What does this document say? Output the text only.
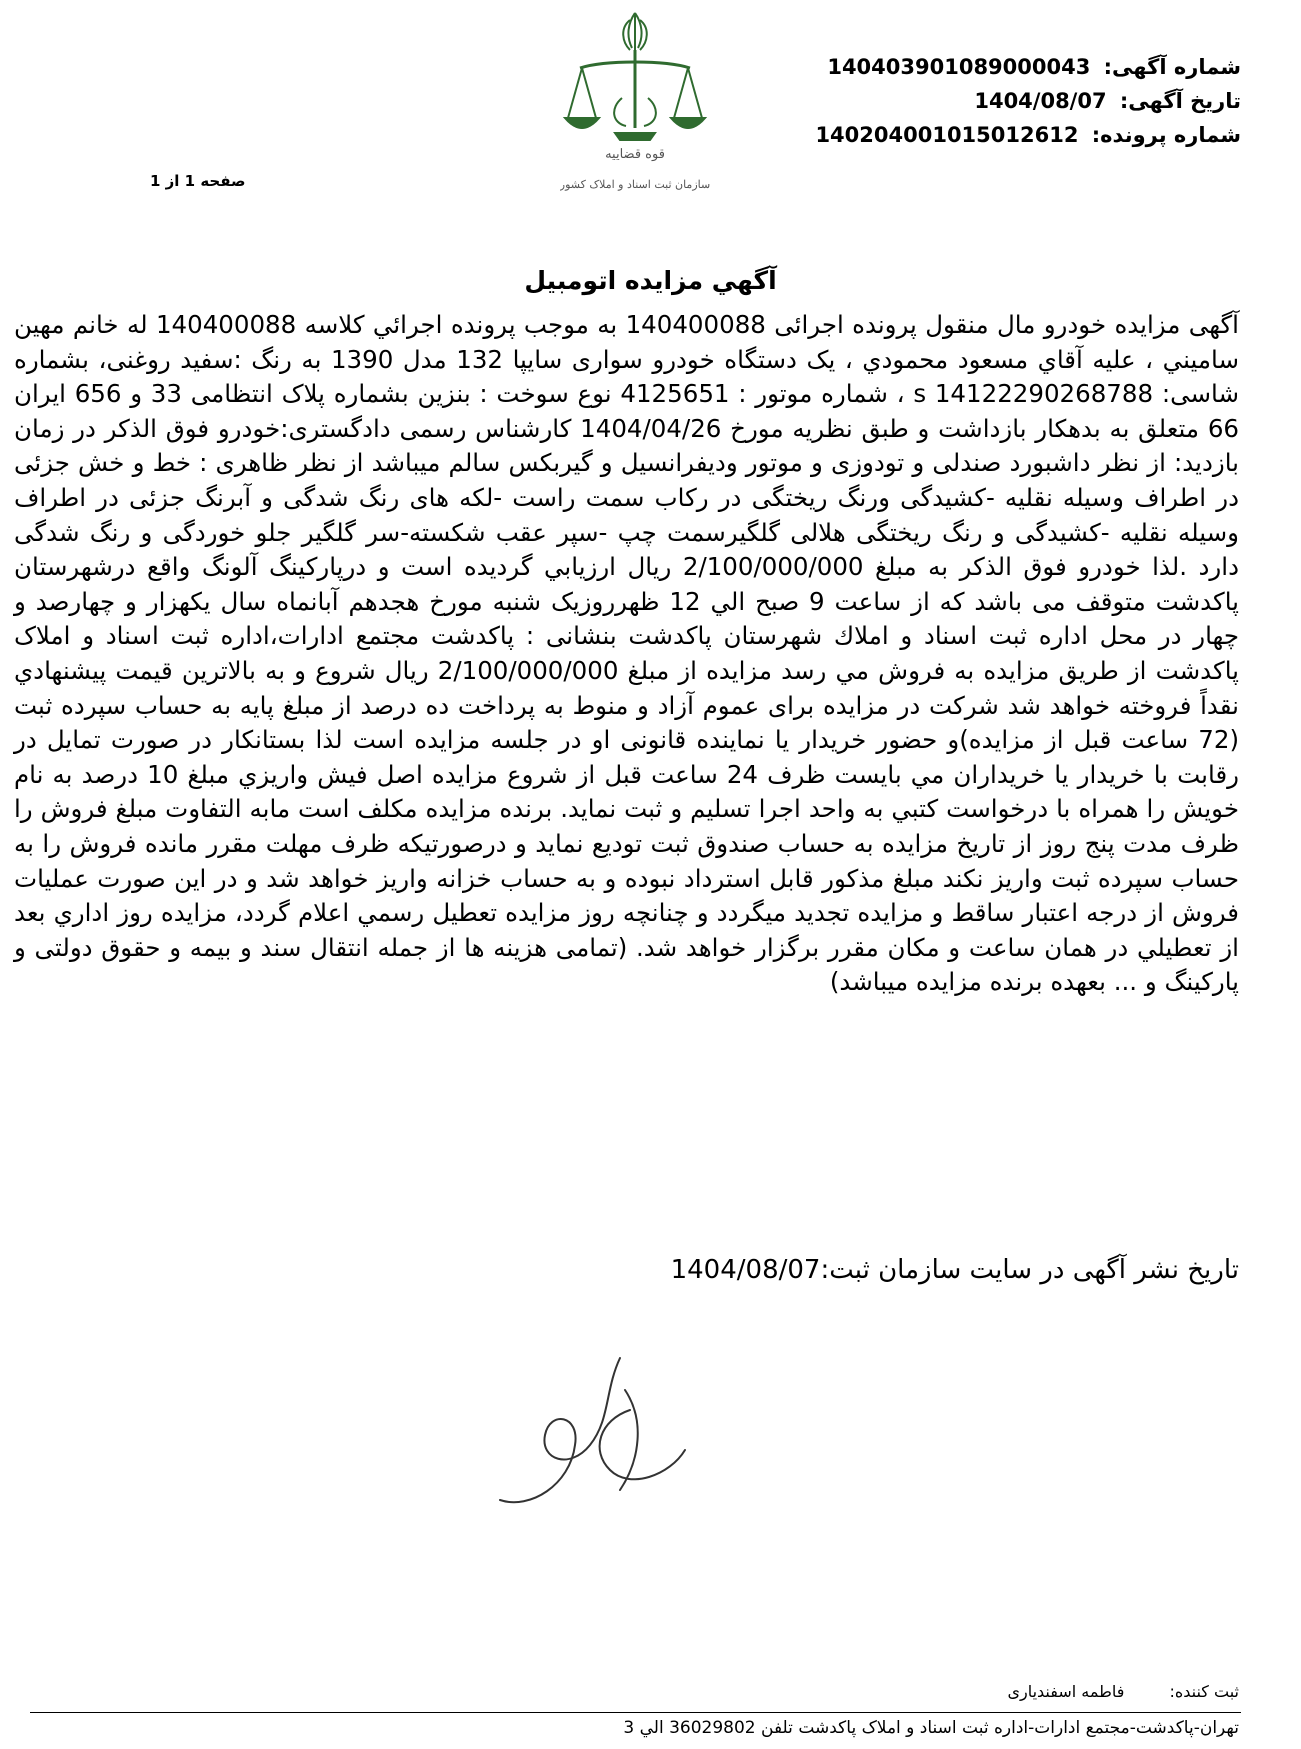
قوه قضاییه
سازمان ثبت اسناد و املاک کشور
شماره آگهی: 140403901089000043
تاریخ آگهی: 1404/08/07
شماره پرونده: 140204001015012612
صفحه 1 از 1
آگهي مزايده اتومبيل

آگهی مزایده خودرو مال منقول پرونده اجرائی 140400088 به موجب پرونده اجرائي كلاسه 140400088 له خانم مهین سامیني ، علیه آقاي مسعود محمودي ، یک دستگاه خودرو سواری سایپا 132 مدل 1390 به رنگ :سفید روغنی، بشماره شاسی: s 14122290268788 ، شماره موتور : 4125651 نوع سوخت : بنزین بشماره پلاک انتظامی 33 و 656 ایران 66 متعلق به بدهکار بازداشت و طبق نظریه مورخ 1404/04/26 کارشناس رسمی دادگستری:خودرو فوق الذکر در زمان بازدید: از نظر داشبورد صندلی و تودوزی و موتور ودیفرانسیل و گیربکس سالم میباشد از نظر ظاهری : خط و خش جزئی در اطراف وسیله نقلیه -کشیدگی ورنگ ریختگی در رکاب سمت راست -لکه های رنگ شدگی و آبرنگ جزئی در اطراف وسیله نقلیه -کشیدگی و رنگ ریختگی هلالی گلگیرسمت چپ -سپر عقب شکسته-سر گلگیر جلو خوردگی و رنگ شدگی دارد .لذا خودرو فوق الذکر به مبلغ 2/100/000/000 ریال ارزیابي گردیده است و درپارکینگ آلونگ واقع درشهرستان پاکدشت متوقف می باشد که از ساعت 9 صبح الي 12 ظهرروزیک شنبه مورخ هجدهم آبانماه سال یکهزار و چهارصد و چهار در محل اداره ثبت اسناد و املاك شهرستان پاکدشت بنشانی : پاکدشت مجتمع ادارات،اداره ثبت اسناد و املاک پاکدشت از طریق مزایده به فروش مي رسد مزایده از مبلغ 2/100/000/000 ریال شروع و به بالاترين قيمت پيشنهادي نقداً فروخته خواهد شد شرکت در مزایده برای عموم آزاد و منوط به پرداخت ده درصد از مبلغ پایه به حساب سپرده ثبت (72 ساعت قبل از مزایده)و حضور خریدار یا نماینده قانونی او در جلسه مزایده است لذا بستانکار در صورت تمایل در رقابت با خریدار یا خريداران مي بایست ظرف 24 ساعت قبل از شروع مزایده اصل فیش واریزي مبلغ 10 درصد به نام خویش را همراه با درخواست كتبي به واحد اجرا تسلیم و ثبت نماید. برنده مزایده مکلف است مابه التفاوت مبلغ فروش را ظرف مدت پنج روز از تاریخ مزایده به حساب صندوق ثبت تودیع نماید و درصورتیکه ظرف مهلت مقرر مانده فروش را به حساب سپرده ثبت واریز نکند مبلغ مذکور قابل استرداد نبوده و به حساب خزانه واریز خواهد شد و در این صورت عملیات فروش از درجه اعتبار ساقط و مزایده تجدید میگردد و چنانچه روز مزایده تعطیل رسمي اعلام گردد، مزايده روز اداري بعد از تعطیلي در همان ساعت و مكان مقرر برگزار خواهد شد. (تمامی هزینه ها از جمله انتقال سند و بیمه و حقوق دولتی و پارکینگ و ... بعهده برنده مزایده میباشد)

تاریخ نشر آگهی در سایت سازمان ثبت:1404/08/07
ثبت کننده: فاطمه اسفندیاری
تهران-پاکدشت-مجتمع ادارات-اداره ثبت اسناد و املاک پاکدشت تلفن 36029802 الي 3
